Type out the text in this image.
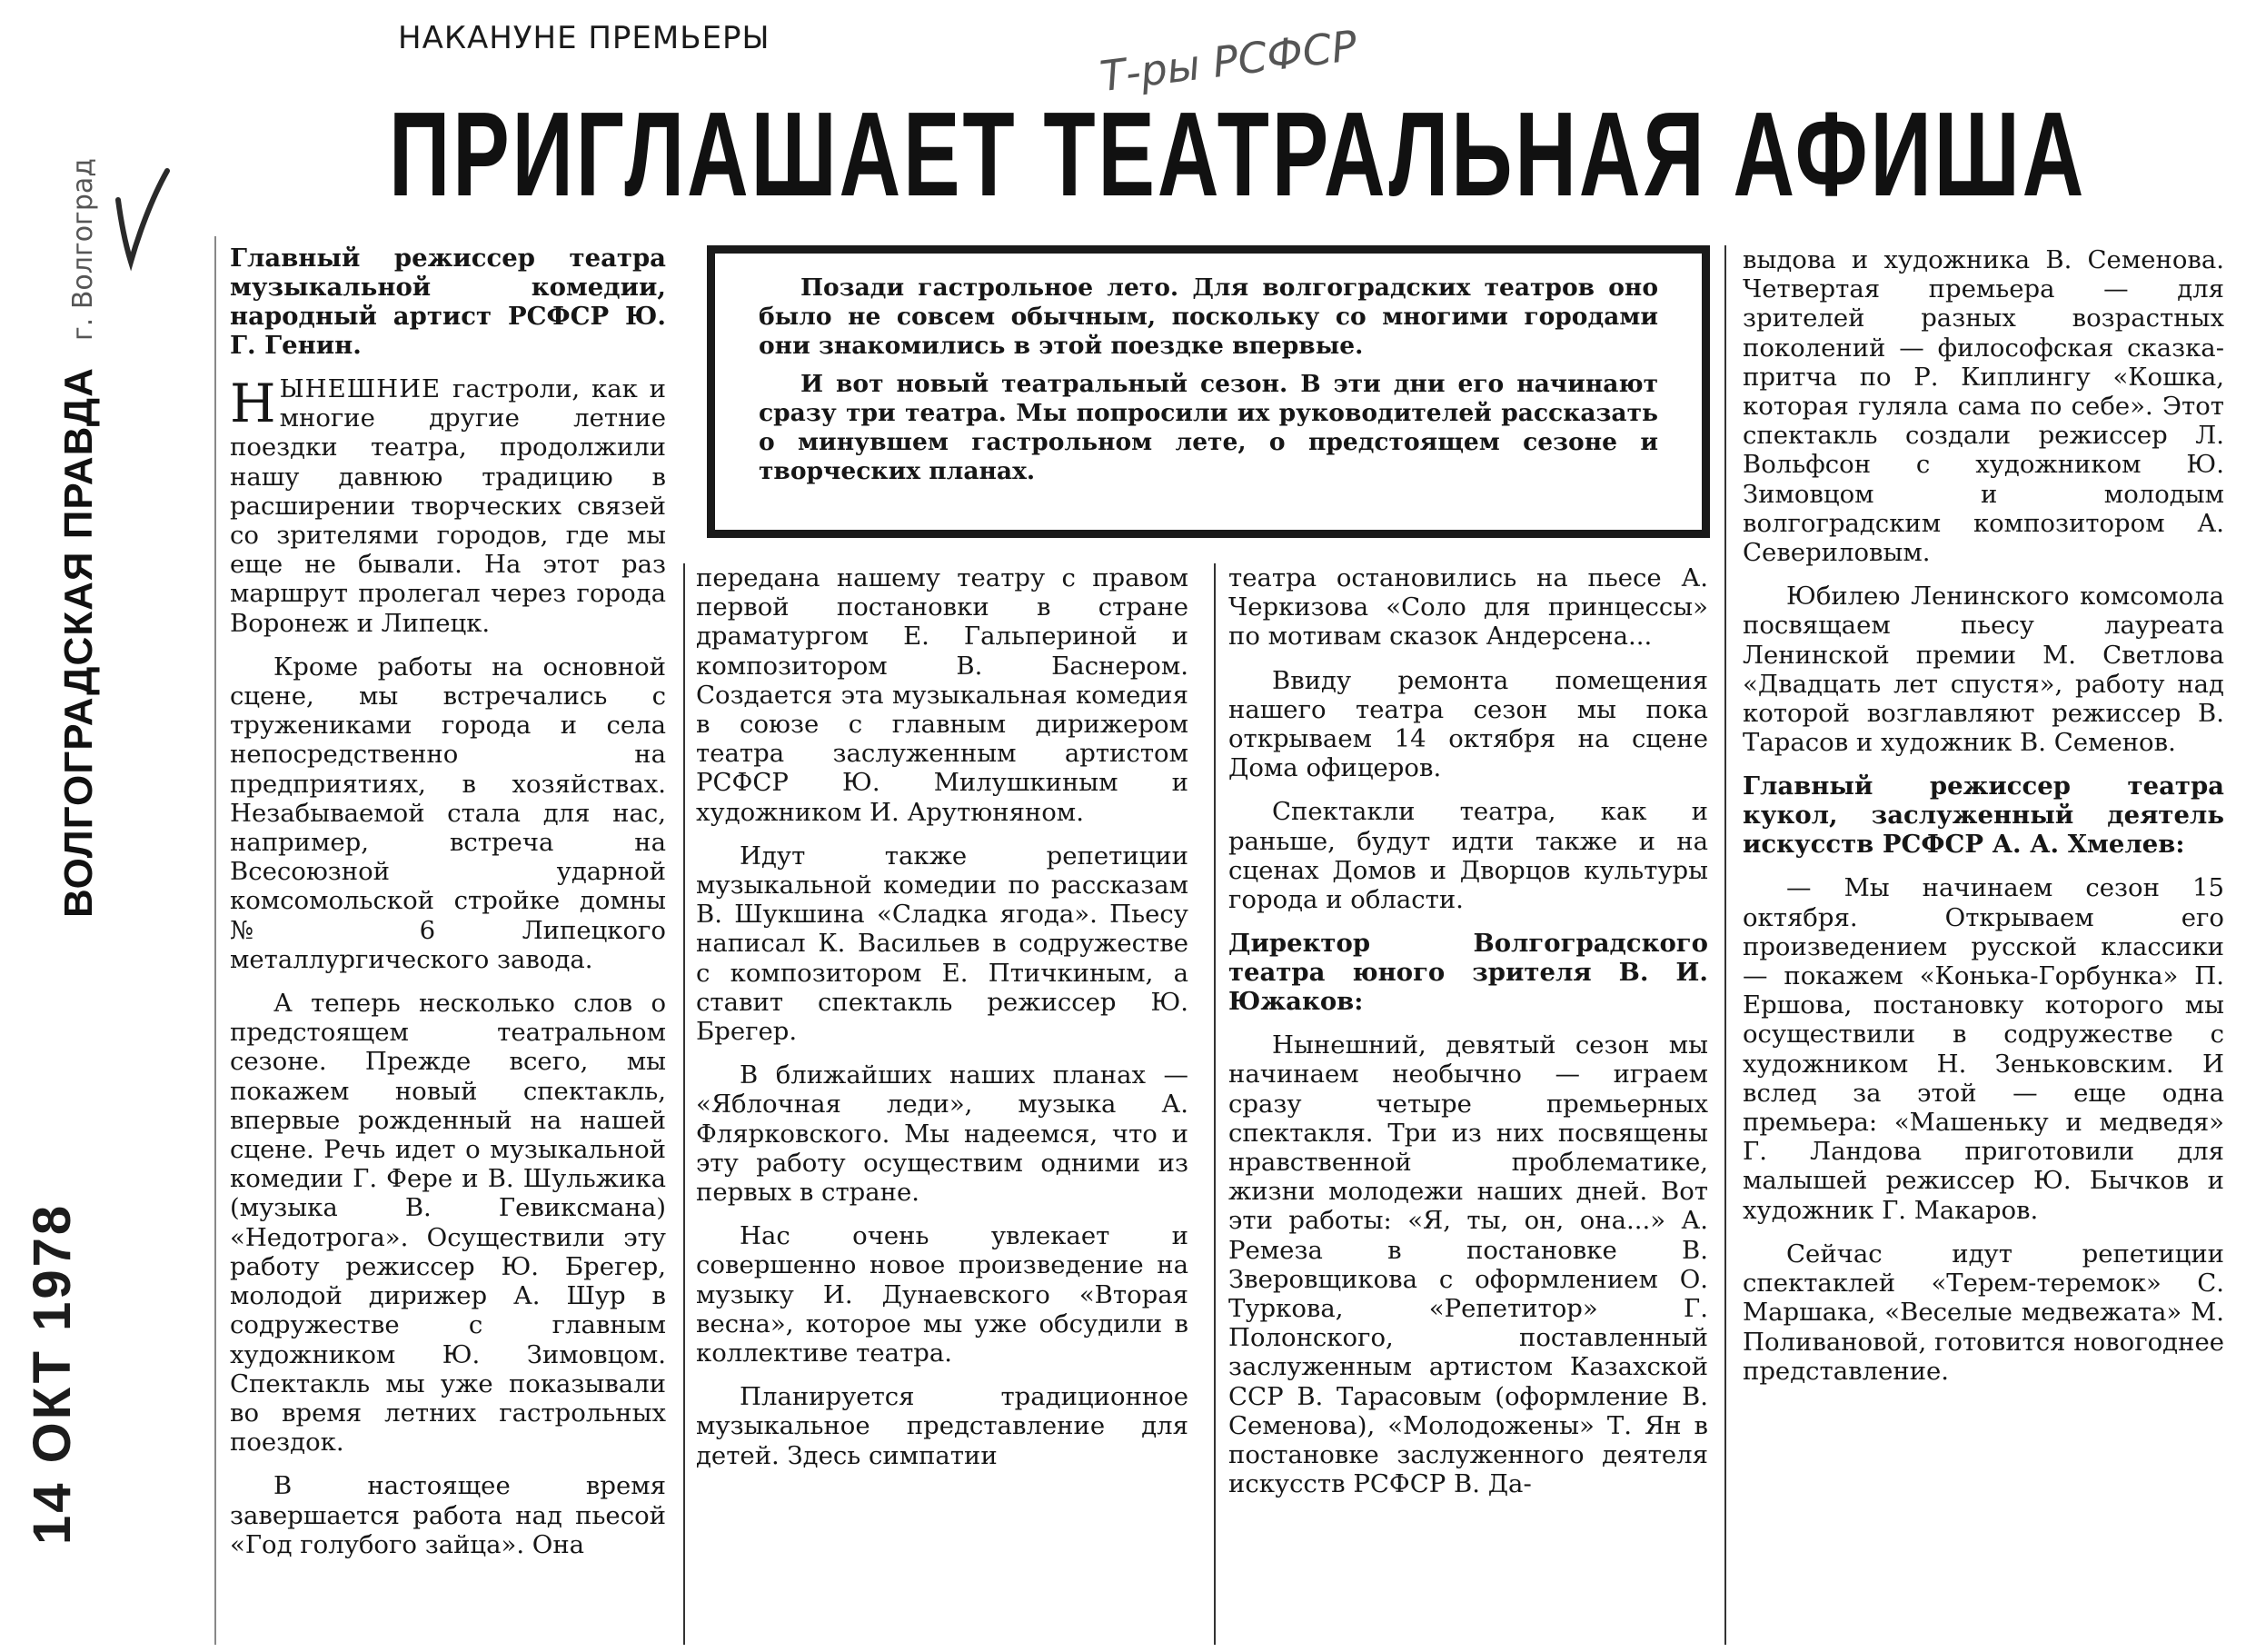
НАКАНУНЕ ПРЕМЬЕРЫ
ПРИГЛАШАЕТ ТЕАТРАЛЬНАЯ АФИША
Т-ры РСФСР
ВОЛГОГРАДСКАЯ ПРАВДА г. Волгоград
14 ОКТ 1978

Позади гастрольное лето. Для волгоградских театров оно было не совсем обычным, поскольку со многими городами они знакомились в этой поездке впервые.

И вот новый театральный сезон. В эти дни его начинают сразу три театра. Мы попросили их руководителей рассказать о минувшем гастрольном лете, о предстоящем сезоне и творческих планах.

Главный режиссер театра музыкальной комедии, народный артист РСФСР Ю. Г. Генин.

НЫНЕШНИЕ гастроли, как и многие другие летние поездки театра, продолжили нашу давнюю традицию в расширении творческих связей со зрителями городов, где мы еще не бывали. На этот раз маршрут пролегал через города Воронеж и Липецк.

Кроме работы на основной сцене, мы встречались с тружениками города и села непосредственно на предприятиях, в хозяйствах. Незабываемой стала для нас, например, встреча на Всесоюзной ударной комсомольской стройке домны № 6 Липецкого металлургического завода.

А теперь несколько слов о предстоящем театральном сезоне. Прежде всего, мы покажем новый спектакль, впервые рожденный на нашей сцене. Речь идет о музыкальной комедии Г. Фере и В. Шульжика (музыка В. Гевиксмана) «Недотрога». Осуществили эту работу режиссер Ю. Брегер, молодой дирижер А. Шур в содружестве с главным художником Ю. Зимовцом. Спектакль мы уже показывали во время летних гастрольных поездок.

В настоящее время завершается работа над пьесой «Год голубого зайца». Она

передана нашему театру с правом первой постановки в стране драматургом Е. Гальпериной и композитором В. Баснером. Создается эта музыкальная комедия в союзе с главным дирижером театра заслуженным артистом РСФСР Ю. Милушкиным и художником И. Арутюняном.

Идут также репетиции музыкальной комедии по рассказам В. Шукшина «Сладка ягода». Пьесу написал К. Васильев в содружестве с композитором Е. Птичкиным, а ставит спектакль режиссер Ю. Брегер.

В ближайших наших планах — «Яблочная леди», музыка А. Флярковского. Мы надеемся, что и эту работу осуществим одними из первых в стране.

Нас очень увлекает и совершенно новое произведение на музыку И. Дунаевского «Вторая весна», которое мы уже обсудили в коллективе театра.

Планируется традиционное музыкальное представление для детей. Здесь симпатии

театра остановились на пьесе А. Черкизова «Соло для принцессы» по мотивам сказок Андерсена...

Ввиду ремонта помещения нашего театра сезон мы пока открываем 14 октября на сцене Дома офицеров.

Спектакли театра, как и раньше, будут идти также и на сценах Домов и Дворцов культуры города и области.

Директор Волгоградского театра юного зрителя В. И. Южаков:

Нынешний, девятый сезон мы начинаем необычно — играем сразу четыре премьерных спектакля. Три из них посвящены нравственной проблематике, жизни молодежи наших дней. Вот эти работы: «Я, ты, он, она...» А. Ремеза в постановке В. Зверовщикова с оформлением О. Туркова, «Репетитор» Г. Полонского, поставленный заслуженным артистом Казахской ССР В. Тарасовым (оформление В. Семенова), «Молодожены» Т. Ян в постановке заслуженного деятеля искусств РСФСР В. Да-

выдова и художника В. Семенова. Четвертая премьера — для зрителей разных возрастных поколений — философская сказка-притча по Р. Киплингу «Кошка, которая гуляла сама по себе». Этот спектакль создали режиссер Л. Вольфсон с художником Ю. Зимовцом и молодым волгоградским композитором А. Севериловым.

Юбилею Ленинского комсомола посвящаем пьесу лауреата Ленинской премии М. Светлова «Двадцать лет спустя», работу над которой возглавляют режиссер В. Тарасов и художник В. Семенов.

Главный режиссер театра кукол, заслуженный деятель искусств РСФСР А. А. Хмелев:

— Мы начинаем сезон 15 октября. Открываем его произведением русской классики — покажем «Конька-Горбунка» П. Ершова, постановку которого мы осуществили в содружестве с художником Н. Зеньковским. И вслед за этой — еще одна премьера: «Машеньку и медведя» Г. Ландова приготовили для малышей режиссер Ю. Бычков и художник Г. Макаров.

Сейчас идут репетиции спектаклей «Терем-теремок» С. Маршака, «Веселые медвежата» М. Поливановой, готовится новогоднее представление.
